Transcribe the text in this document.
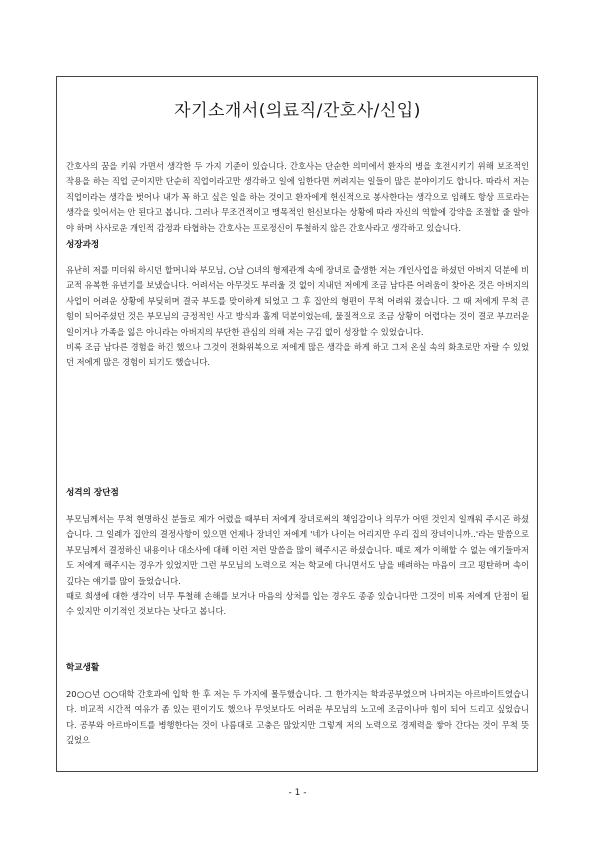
자기소개서(의료직/간호사/신입)

간호사의 꿈을 키워 가면서 생각한 두 가지 기준이 있습니다. 간호사는 단순한 의미에서 환자의 병을 호전시키기 위해 보조적인 작용을 하는 직업 군이지만 단순히 직업이라고만 생각하고 일에 임한다면 꺼려지는 일들이 많은 분야이기도 합니다. 따라서 저는 직업이라는 생각을 벗어나 내가 꼭 하고 싶은 일을 하는 것이고 환자에게 헌신적으로 봉사한다는 생각으로 임해도 항상 프로라는 생각을 잊어서는 안 된다고 봅니다. 그러나 무조건적이고 맹목적인 헌신보다는 상황에 따라 자신의 역할에 강약을 조절할 줄 알아야 하며 사사로운 개인적 감정과 타협하는 간호사는 프로정신이 투철하지 않은 간호사라고 생각하고 있습니다.

성장과정

유난히 저를 미더워 하시던 할머니와 부모님, ○남 ○녀의 형제관계 속에 장녀로 출생한 저는 개인사업을 하셨던 아버지 덕분에 비교적 유복한 유년기를 보냈습니다. 어려서는 아무것도 부러울 것 없이 지내던 저에게 조금 남다른 어려움이 찾아온 것은 아버지의 사업이 어려운 상황에 부딪히며 결국 부도를 맞이하게 되었고 그 후 집안의 형편이 무척 어려워 졌습니다. 그 때 저에게 무척 큰 힘이 되어주셨던 것은 부모님의 긍정적인 사고 방식과 훌계 덕분이었는데, 물질적으로 조금 상황이 어렵다는 것이 결코 부끄러운 일이거나 가족을 잃은 아니라는 아버지의 부단한 관심의 의해 저는 구김 없이 성장할 수 있었습니다.

비록 조금 남다른 경험을 하긴 했으나 그것이 전화위복으로 저에게 많은 생각을 하게 하고 그저 온실 속의 화초로만 자랄 수 있었던 저에게 많은 경험이 되기도 했습니다.

성격의 장단점

부모님께서는 무척 현명하신 분들로 제가 어렸을 때부터 저에게 장녀로써의 책임감이나 의무가 어떤 것인지 일깨워 주시곤 하셨습니다. 그 일례가 집안의 결정사항이 있으면 언제나 장녀인 저에게 '네가 나이는 어리지만 우리 집의 장녀이니까..'라는 말씀으로 부모님께서 결정하신 내용이나 대소사에 대해 이런 저런 말씀을 많이 해주시곤 하셨습니다. 때로 제가 이해할 수 없는 얘기들마저도 저에게 해주시는 경우가 있었지만 그런 부모님의 노력으로 저는 학교에 다니면서도 남을 배려하는 마음이 크고 평탄하며 속이 깊다는 얘기를 많이 들었습니다.

때로 희생에 대한 생각이 너무 투철해 손해를 보거나 마음의 상처를 입는 경우도 종종 있습니다만 그것이 비록 저에게 단점이 될 수 있지만 이기적인 것보다는 낫다고 봅니다.

학교생활

20○○년 ○○대학 간호과에 입학 한 후 저는 두 가지에 몰두했습니다. 그 한가지는 학과공부였으며 나머지는 아르바이트였습니다. 비교적 시간적 여유가 좀 있는 편이기도 했으나 무엇보다도 어려운 부모님의 노고에 조금이나마 힘이 되어 드리고 싶었습니다. 공부와 아르바이트를 병행한다는 것이 나름대로 고충은 많았지만 그렇게 저의 노력으로 경제력을 쌓아 간다는 것이 무척 뜻 깊었으

- 1 -
